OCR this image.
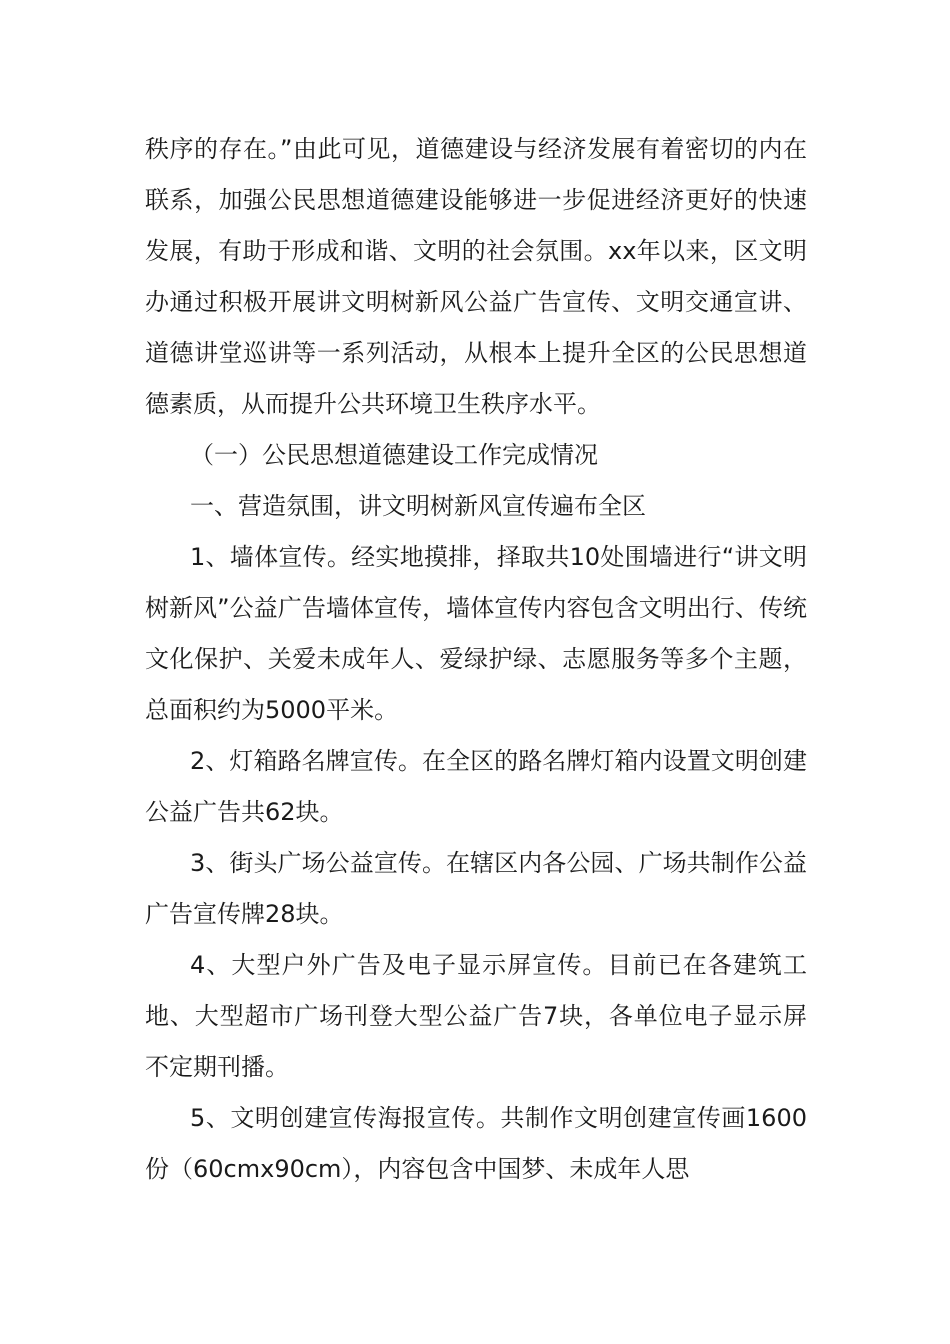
秩序的存在。”由此可见，道德建设与经济发展有着密切的内在联系，加强公民思想道德建设能够进一步促进经济更好的快速发展，有助于形成和谐、文明的社会氛围。xx年以来，区文明办通过积极开展讲文明树新风公益广告宣传、文明交通宣讲、道德讲堂巡讲等一系列活动，从根本上提升全区的公民思想道德素质，从而提升公共环境卫生秩序水平。

（一）公民思想道德建设工作完成情况

一、营造氛围，讲文明树新风宣传遍布全区

1、墙体宣传。经实地摸排，择取共10处围墙进行“讲文明树新风”公益广告墙体宣传，墙体宣传内容包含文明出行、传统文化保护、关爱未成年人、爱绿护绿、志愿服务等多个主题，总面积约为5000平米。

2、灯箱路名牌宣传。在全区的路名牌灯箱内设置文明创建公益广告共62块。

3、街头广场公益宣传。在辖区内各公园、广场共制作公益广告宣传牌28块。

4、大型户外广告及电子显示屏宣传。目前已在各建筑工地、大型超市广场刊登大型公益广告7块，各单位电子显示屏不定期刊播。

5、文明创建宣传海报宣传。共制作文明创建宣传画1600份（60cmx90cm），内容包含中国梦、未成年人思
